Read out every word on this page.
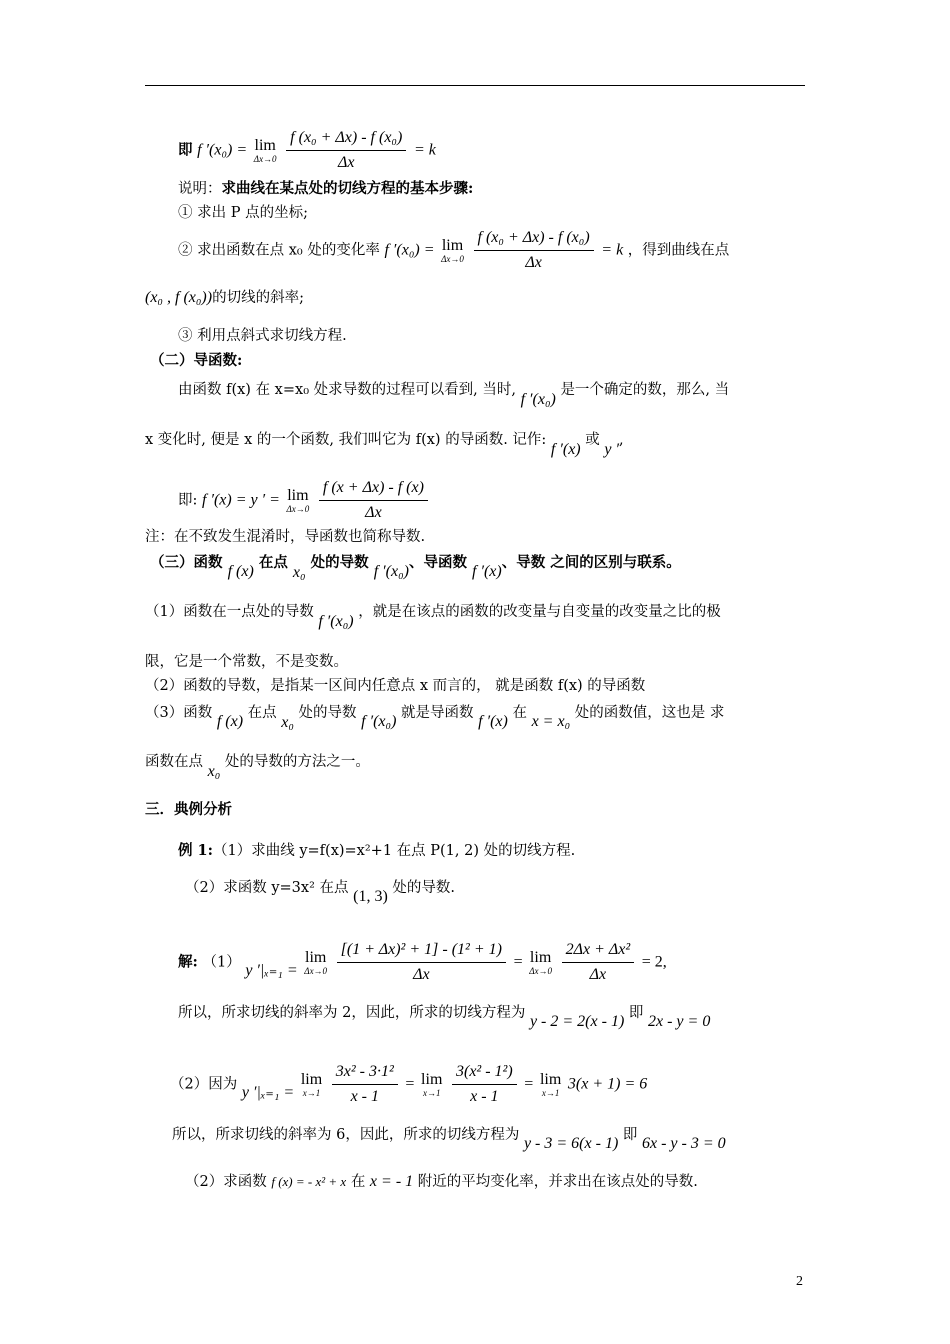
即 f ′(x₀) = lim
Δx→0
$\frac{\text{f (x₀ + Δx) - f (x₀)}}{\Delta x} = k$
说明：求曲线在某点处的切线方程的基本步骤:
① 求出 P 点的坐标;
② 求出函数在点 x₀ 处的变化率 f ′(x₀) = lim
Δx→0
$\frac{\text{f (x₀ + Δx) - f (x₀)}}{\Delta x} = k$ ，得到曲线在点
(x₀ , f (x₀))的切线的斜率;
③ 利用点斜式求切线方程.
（二）导函数:
由函数 f(x) 在 x=x₀ 处求导数的过程可以看到, 当时, f ′(x₀) 是一个确定的数，那么, 当
x 变化时, 便是 x 的一个函数, 我们叫它为 f(x) 的导函数. 记作: f ′(x) 或 y ′,
即: f ′(x) = y ′ = lim
Δx→0
$\frac{f (x + \Delta x) - f (x)}{\Delta x}$
注：在不致发生混淆时，导函数也简称导数.
（三）函数 f (x) 在点 x₀ 处的导数 f ′(x₀)、导函数 f ′(x)、导数 之间的区别与联系。
（1）函数在一点处的导数 f ′(x₀) ，就是在该点的函数的改变量与自变量的改变量之比的极
限，它是一个常数，不是变数。
（2）函数的导数，是指某一区间内任意点 x 而言的， 就是函数 f(x) 的导函数
（3）函数 f (x) 在点 x₀ 处的导数 f ′(x₀) 就是导函数 f ′(x) 在 x = x₀ 处的函数值，这也是 求
函数在点 x₀ 处的导数的方法之一。
三．典例分析
例 1:（1）求曲线 y=f(x)=x²+1 在点 P(1, 2) 处的切线方程.
（2）求函数 y=3x² 在点 (1, 3) 处的导数.
解: （1） y ′|ₓ₌₁ =
lim
Δx→0
$\frac{\text{[(1 + Δx)² + 1] - (1² + 1)}}{\Delta x} = \lim$
Δx→0
$\frac{\text{2Δx + Δx²}}{\Delta x} = 2$,
所以，所求切线的斜率为 2，因此，所求的切线方程为 y - 2 = 2(x - 1) 即 2x - y = 0
（2）因为 y ′|ₓ₌₁ =
lim
x→1
$\frac{\text{3x² - 3·1²}}{x - 1} = \lim$
x→1
$\frac{\text{3(x² - 1²)}}{x - 1} = \lim$
x→1 3(x + 1) = 6
所以，所求切线的斜率为 6，因此，所求的切线方程为 y - 3 = 6(x - 1) 即 6x - y - 3 = 0
（2）求函数 f (x) = - x² + x 在 x = - 1 附近的平均变化率，并求出在该点处的导数.
2
